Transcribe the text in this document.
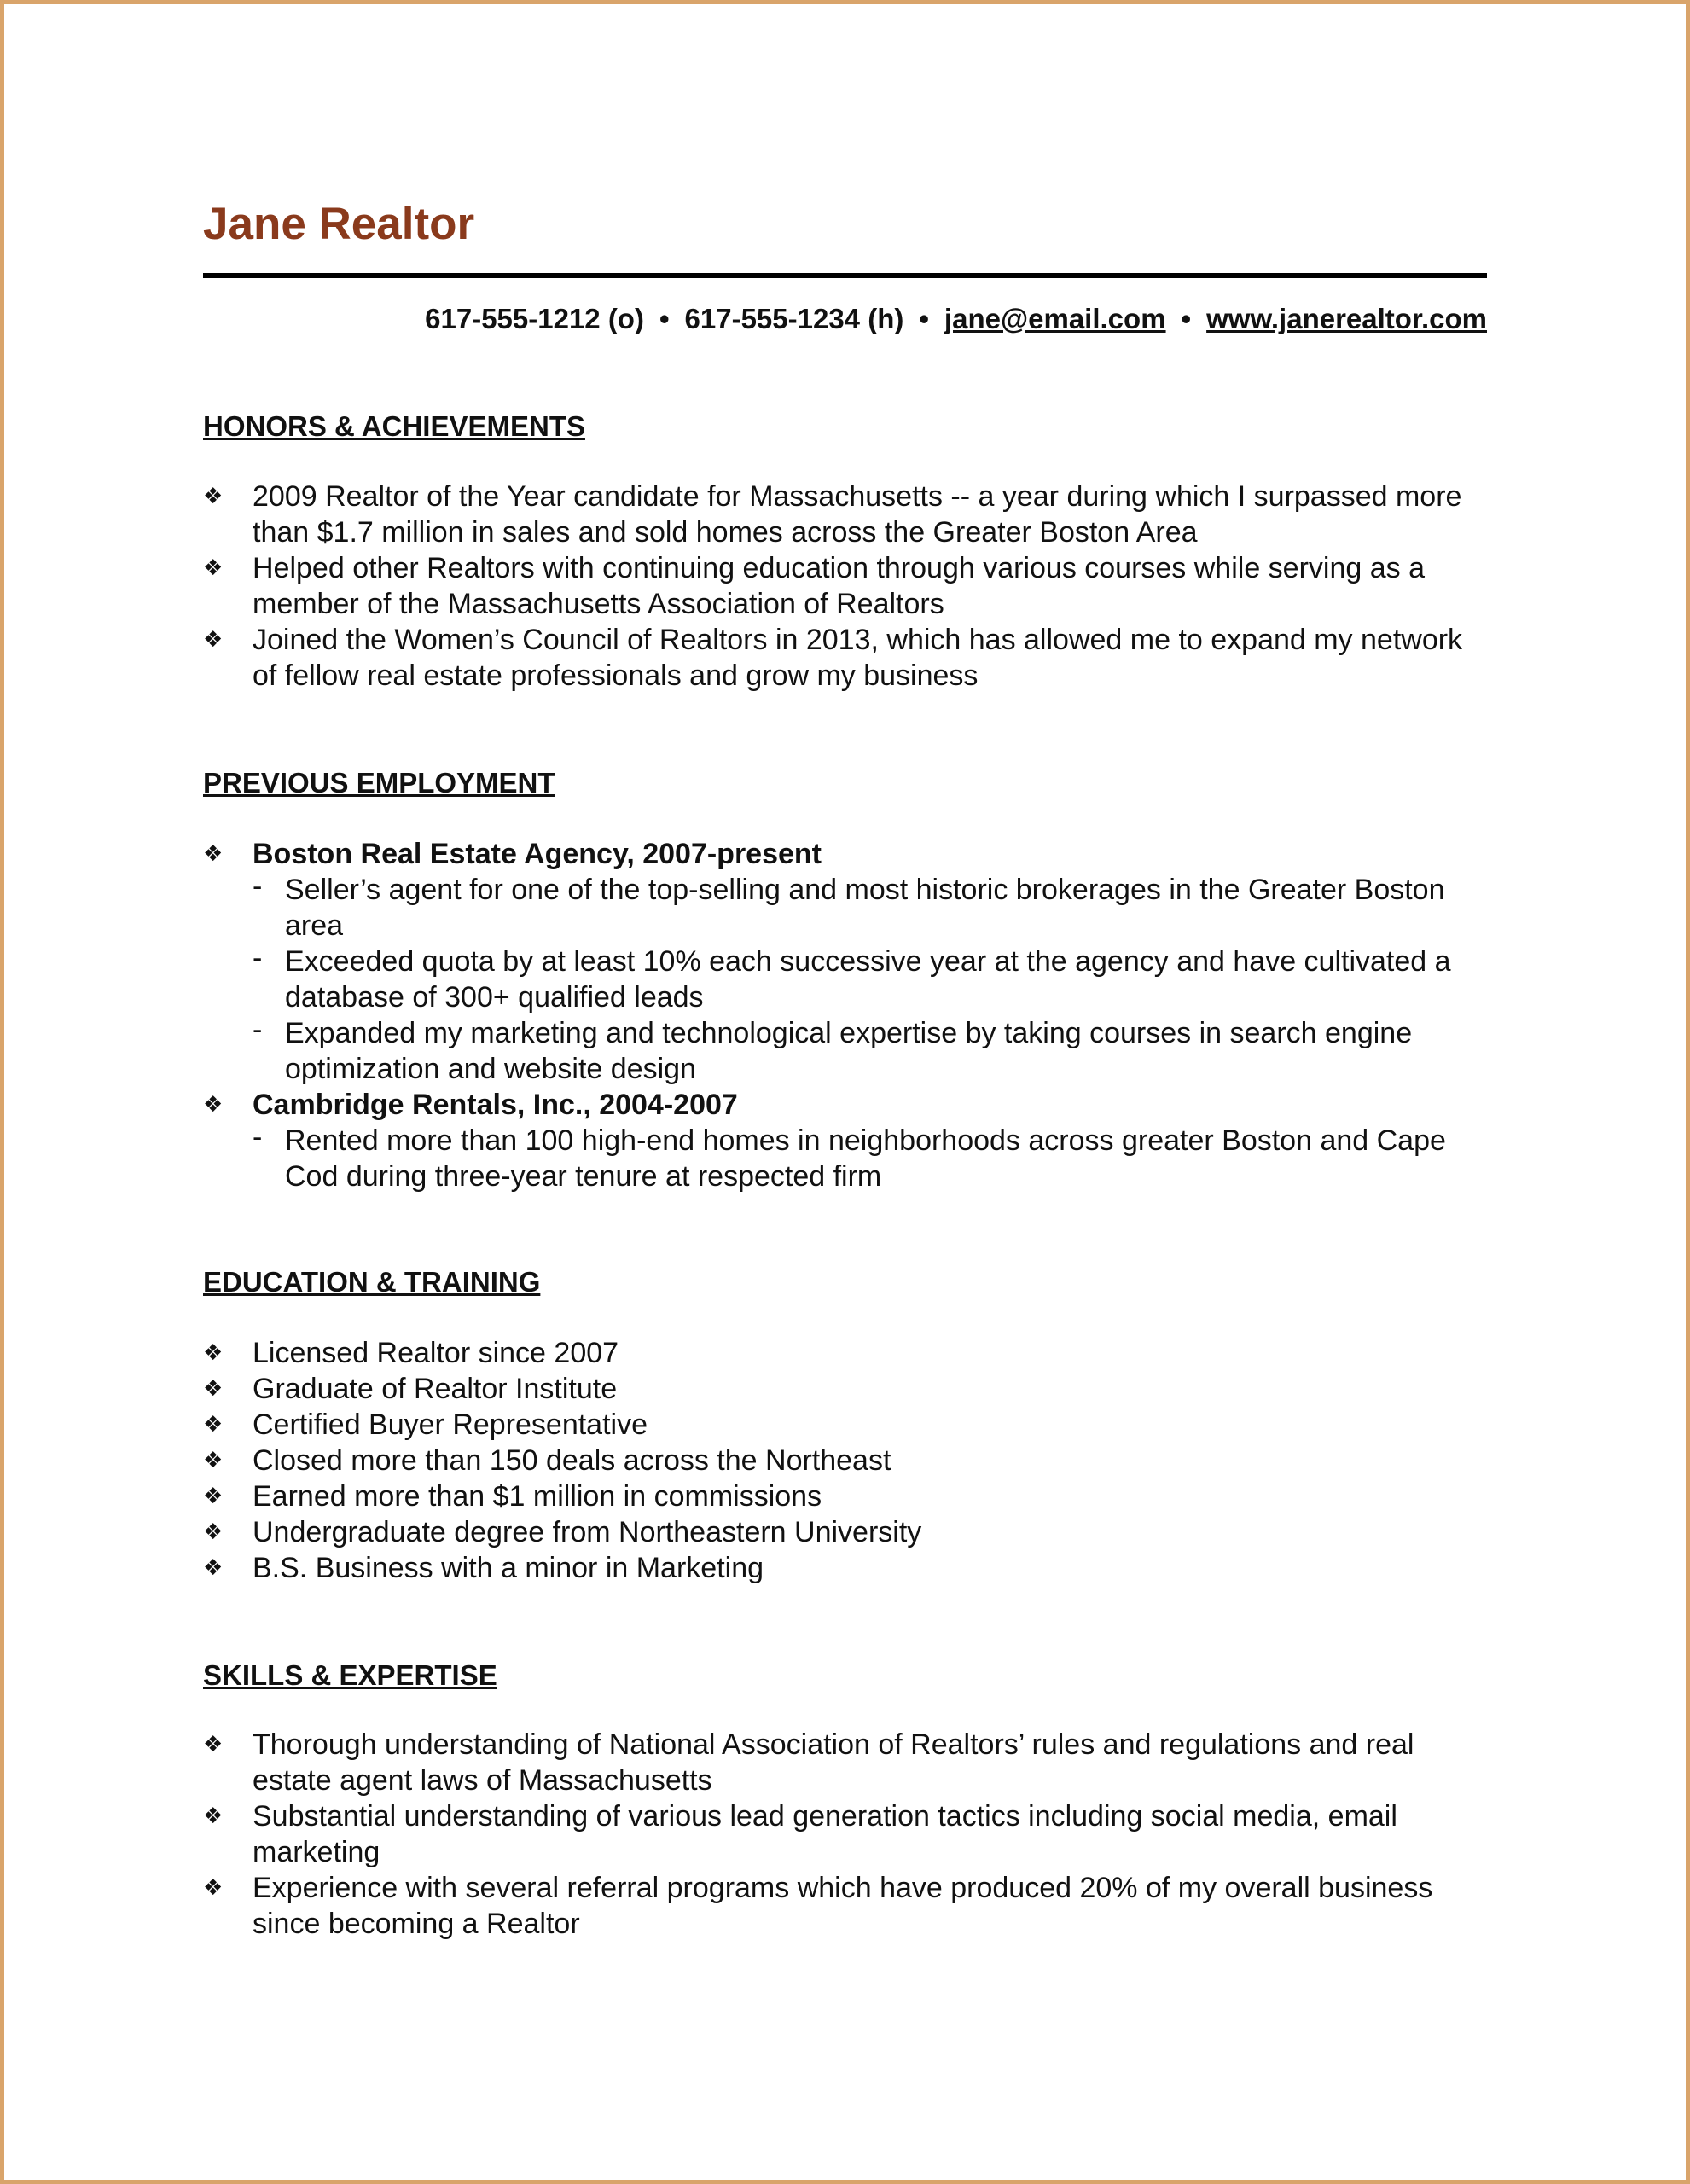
Jane Realtor
617-555-1212 (o) • 617-555-1234 (h) • jane@email.com • www.janerealtor.com
HONORS & ACHIEVEMENTS
❖	2009 Realtor of the Year candidate for Massachusetts -- a year during which I surpassed more than $1.7 million in sales and sold homes across the Greater Boston Area
❖	Helped other Realtors with continuing education through various courses while serving as a member of the Massachusetts Association of Realtors
❖	Joined the Women’s Council of Realtors in 2013, which has allowed me to expand my network of fellow real estate professionals and grow my business
PREVIOUS EMPLOYMENT
❖	Boston Real Estate Agency, 2007-present
- Seller’s agent for one of the top-selling and most historic brokerages in the Greater Boston area
- Exceeded quota by at least 10% each successive year at the agency and have cultivated a database of 300+ qualified leads
- Expanded my marketing and technological expertise by taking courses in search engine optimization and website design
❖	Cambridge Rentals, Inc., 2004-2007
- Rented more than 100 high-end homes in neighborhoods across greater Boston and Cape Cod during three-year tenure at respected firm
EDUCATION & TRAINING
❖	Licensed Realtor since 2007
❖	Graduate of Realtor Institute
❖	Certified Buyer Representative
❖	Closed more than 150 deals across the Northeast
❖	Earned more than $1 million in commissions
❖	Undergraduate degree from Northeastern University
❖	B.S. Business with a minor in Marketing
SKILLS & EXPERTISE
❖	Thorough understanding of National Association of Realtors’ rules and regulations and real estate agent laws of Massachusetts
❖	Substantial understanding of various lead generation tactics including social media, email marketing
❖	Experience with several referral programs which have produced 20% of my overall business since becoming a Realtor
